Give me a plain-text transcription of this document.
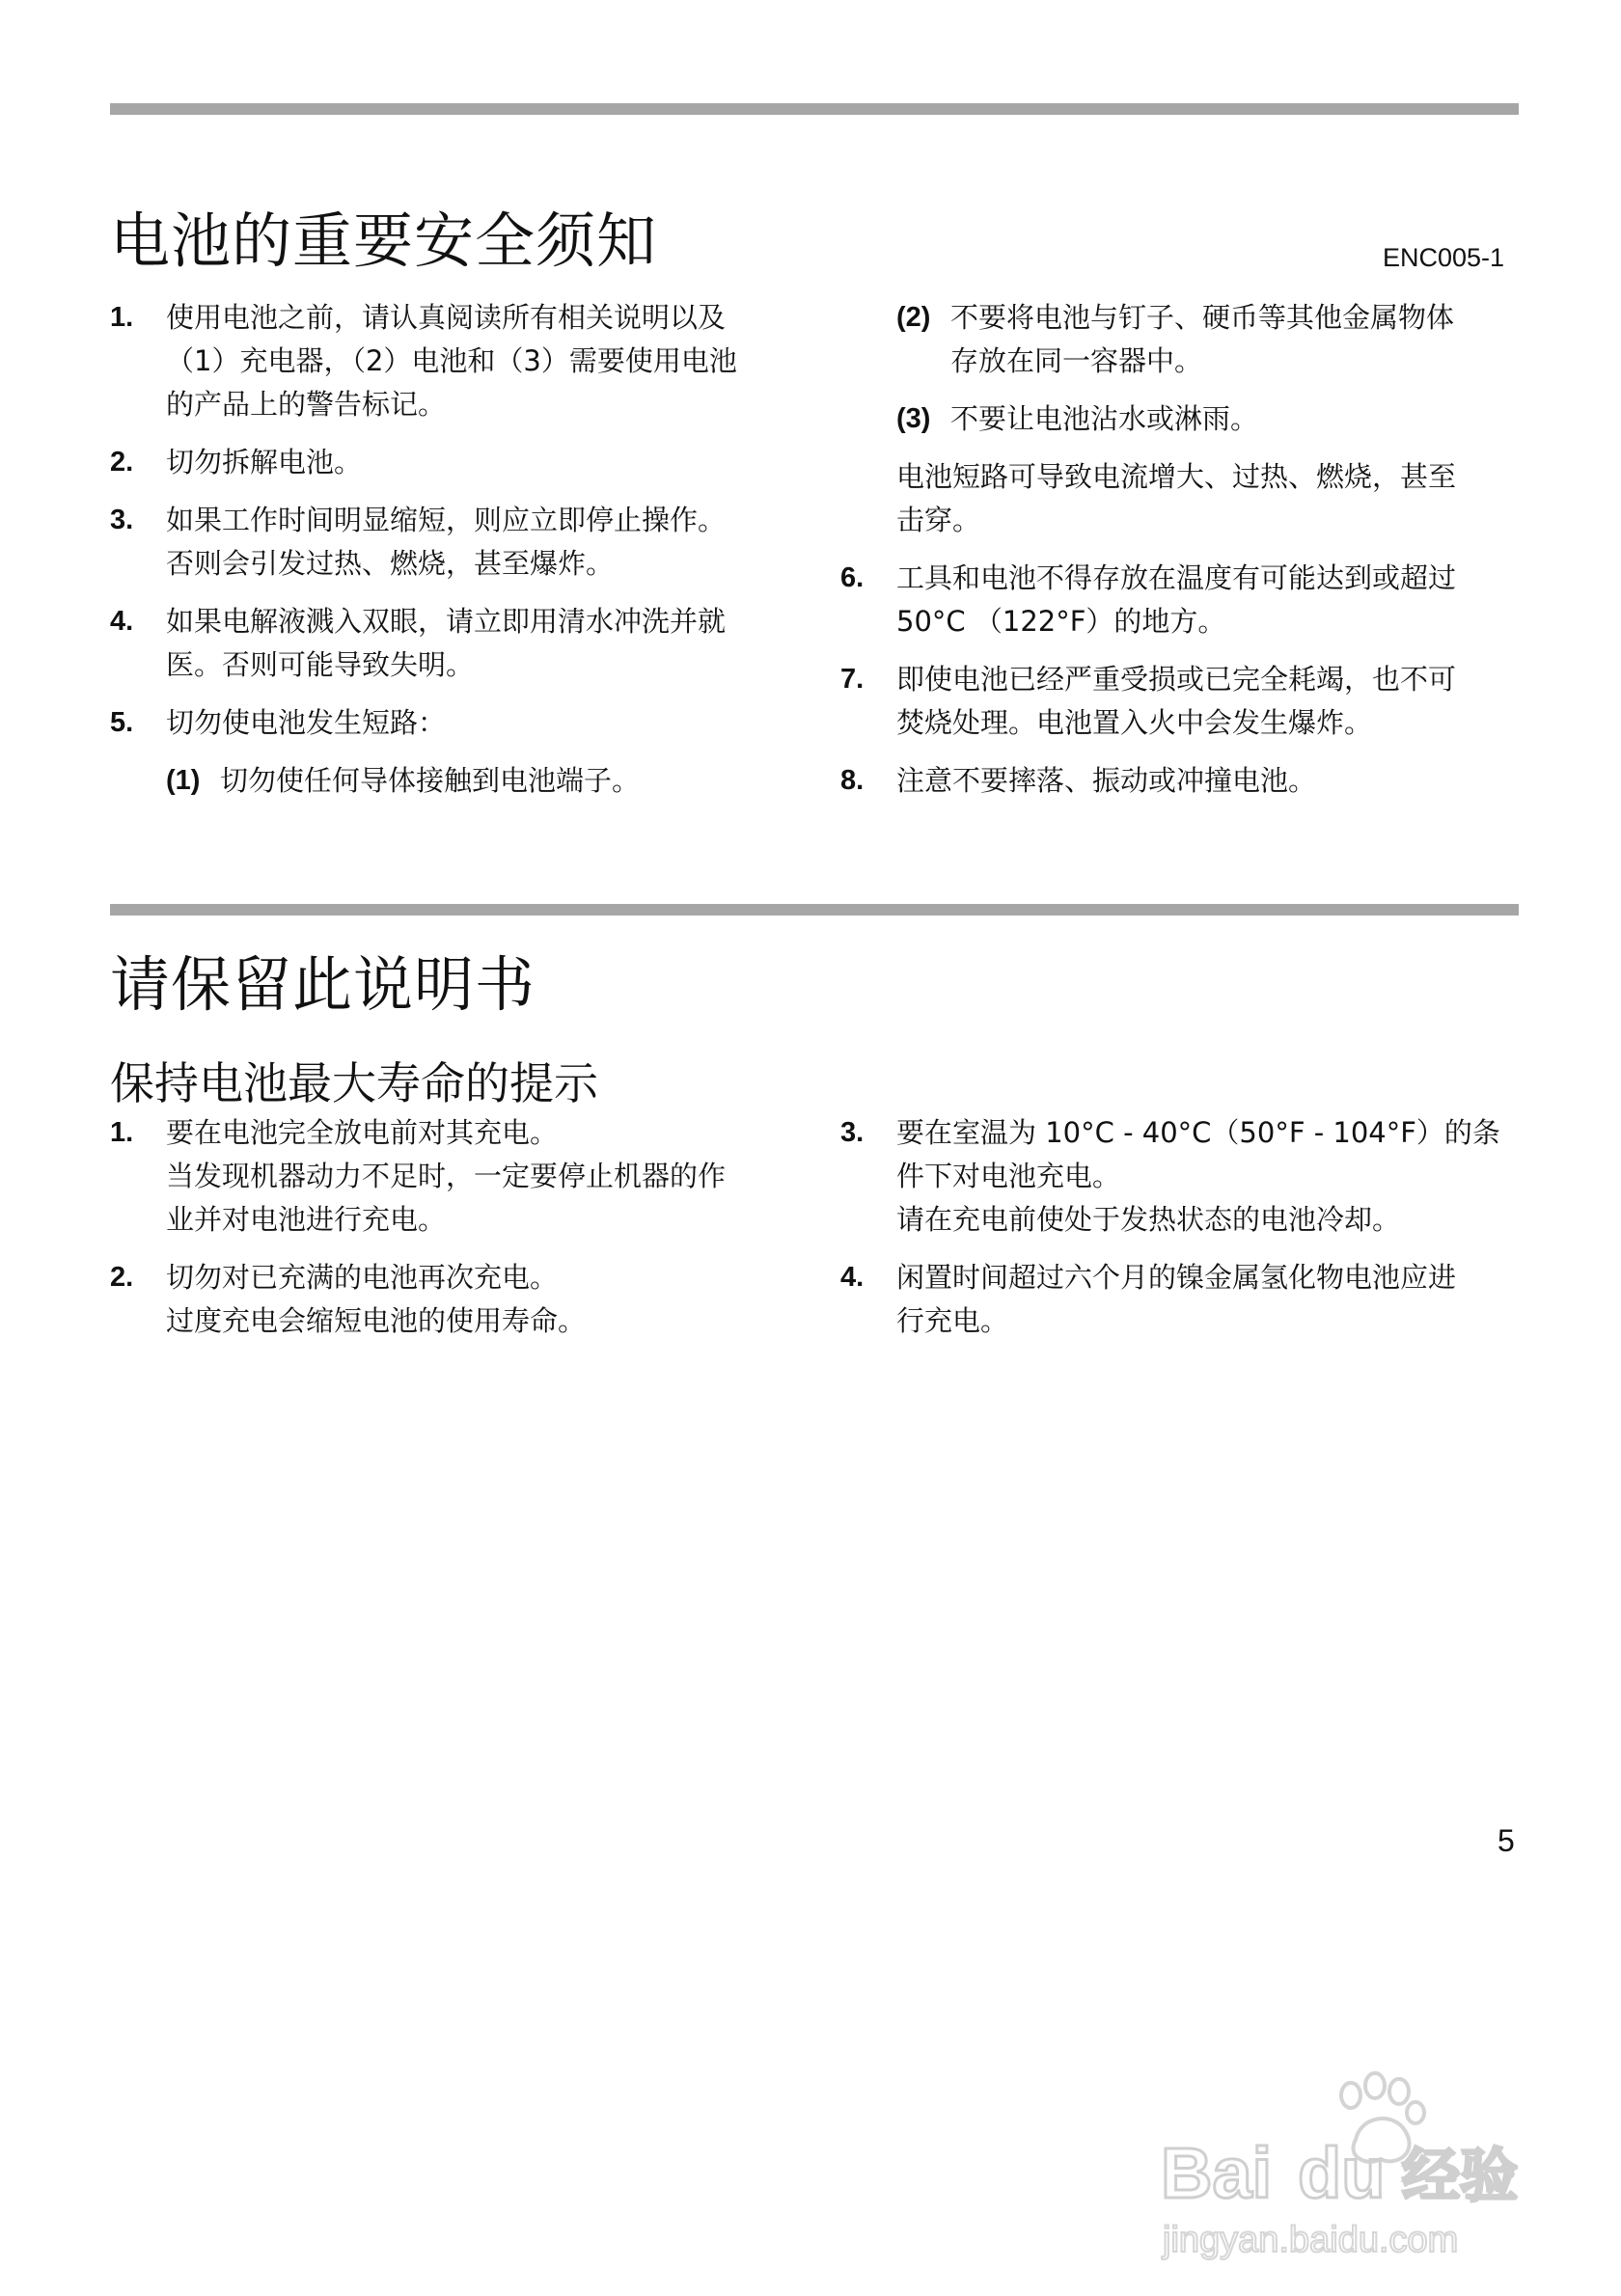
电池的重要安全须知	ENC005-1
1. 使用电池之前，请认真阅读所有相关说明以及
（1）充电器，（2）电池和（3）需要使用电池
的产品上的警告标记。
2. 切勿拆解电池。
3. 如果工作时间明显缩短，则应立即停止操作。
否则会引发过热、燃烧，甚至爆炸。
4. 如果电解液溅入双眼，请立即用清水冲洗并就
医。否则可能导致失明。
5. 切勿使电池发生短路：
(1) 切勿使任何导体接触到电池端子。
(2) 不要将电池与钉子、硬币等其他金属物体
存放在同一容器中。
(3) 不要让电池沾水或淋雨。
电池短路可导致电流增大、过热、燃烧，甚至
击穿。
6. 工具和电池不得存放在温度有可能达到或超过
50°C （122°F）的地方。
7. 即使电池已经严重受损或已完全耗竭，也不可
焚烧处理。电池置入火中会发生爆炸。
8. 注意不要摔落、振动或冲撞电池。
请保留此说明书
保持电池最大寿命的提示
1. 要在电池完全放电前对其充电。
当发现机器动力不足时，一定要停止机器的作
业并对电池进行充电。
2. 切勿对已充满的电池再次充电。
过度充电会缩短电池的使用寿命。
3. 要在室温为 10°C - 40°C（50°F - 104°F）的条
件下对电池充电。
请在充电前使处于发热状态的电池冷却。
4. 闲置时间超过六个月的镍金属氢化物电池应进
行充电。
5
Bai du 经验
jingyan.baidu.com
